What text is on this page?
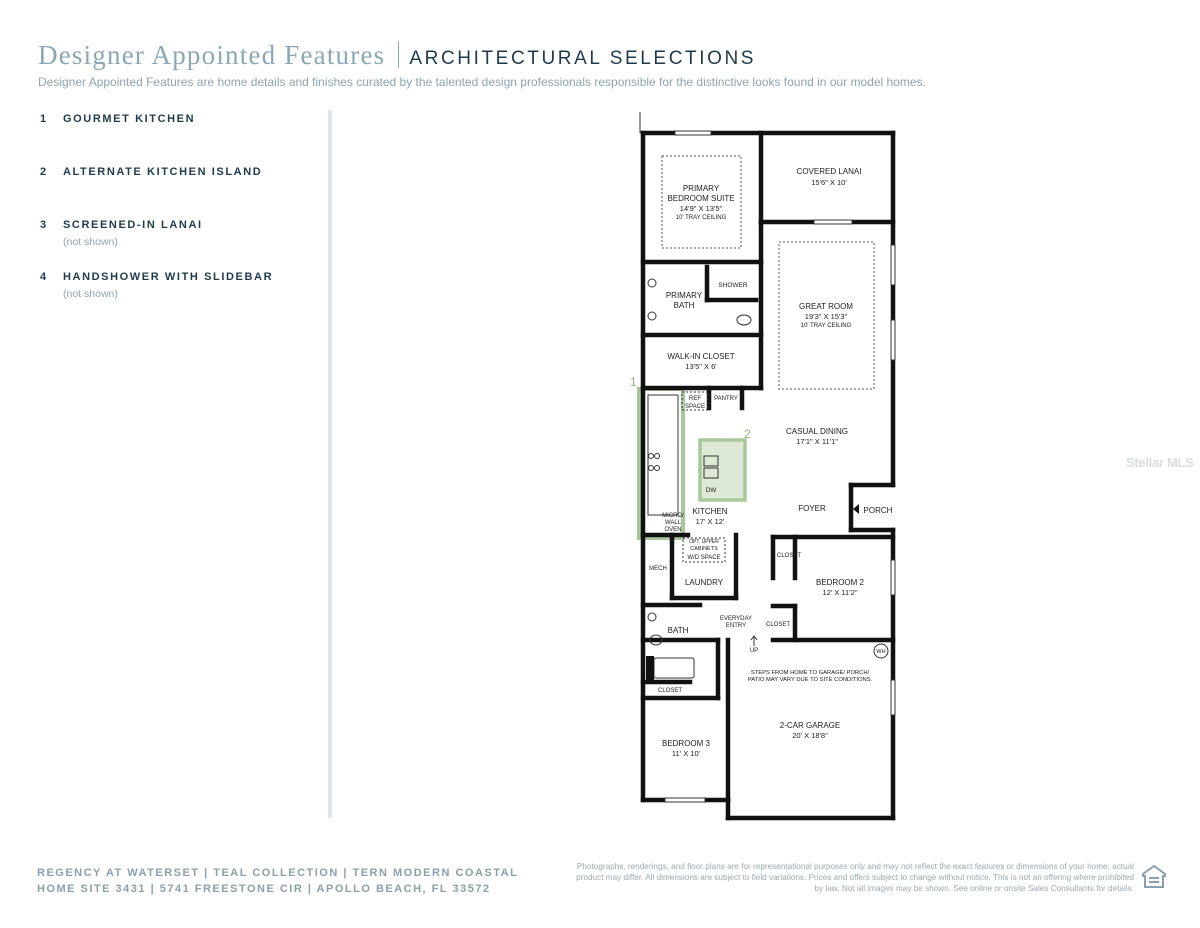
Designer Appointed Features ARCHITECTURAL SELECTIONS
Designer Appointed Features are home details and finishes curated by the talented design professionals responsible for the distinctive looks found in our model homes.
1 GOURMET KITCHEN
2 ALTERNATE KITCHEN ISLAND
3 SCREENED-IN LANAI
(not shown)
4 HANDSHOWER WITH SLIDEBAR
(not shown)
Stellar MLS
1
2
COVERED LANAI
15'6" X 10'
PRIMARY
BEDROOM SUITE
14'9" X 13'5"
10' TRAY CEILING
GREAT ROOM
19'3" X 15'3"
10' TRAY CEILING
SHOWER
PRIMARY
BATH
WALK-IN CLOSET
13'5" X 6'
REF
SPACE
PANTRY
CASUAL DINING
17'1" X 11'1"
DW
KITCHEN
17' X 12'
MICRO/
WALL
OVEN
FOYER	PORCH
OPT. UPPER
CABINETS
W/D SPACE
MECH
LAUNDRY
CLOSET
BEDROOM 2
12' X 11'2"
BATH
EVERYDAY
ENTRY	CLOSET
UP	WH
STEPS FROM HOME TO GARAGE/ PORCH/
PATIO MAY VARY DUE TO SITE CONDITIONS.
2-CAR GARAGE
20' X 18'8"
CLOSET
BEDROOM 3
11' X 10'
REGENCY AT WATERSET | TEAL COLLECTION | TERN MODERN COASTAL
HOME SITE 3431 | 5741 FREESTONE CIR | APOLLO BEACH, FL 33572
Photographs, renderings, and floor plans are for representational purposes only and may not reflect the exact features or dimensions of your home; actual product may differ. All dimensions are subject to field variations. Prices and offers subject to change without notice. This is not an offering where prohibited by law. Not all images may be shown. See online or onsite Sales Consultants for details.
